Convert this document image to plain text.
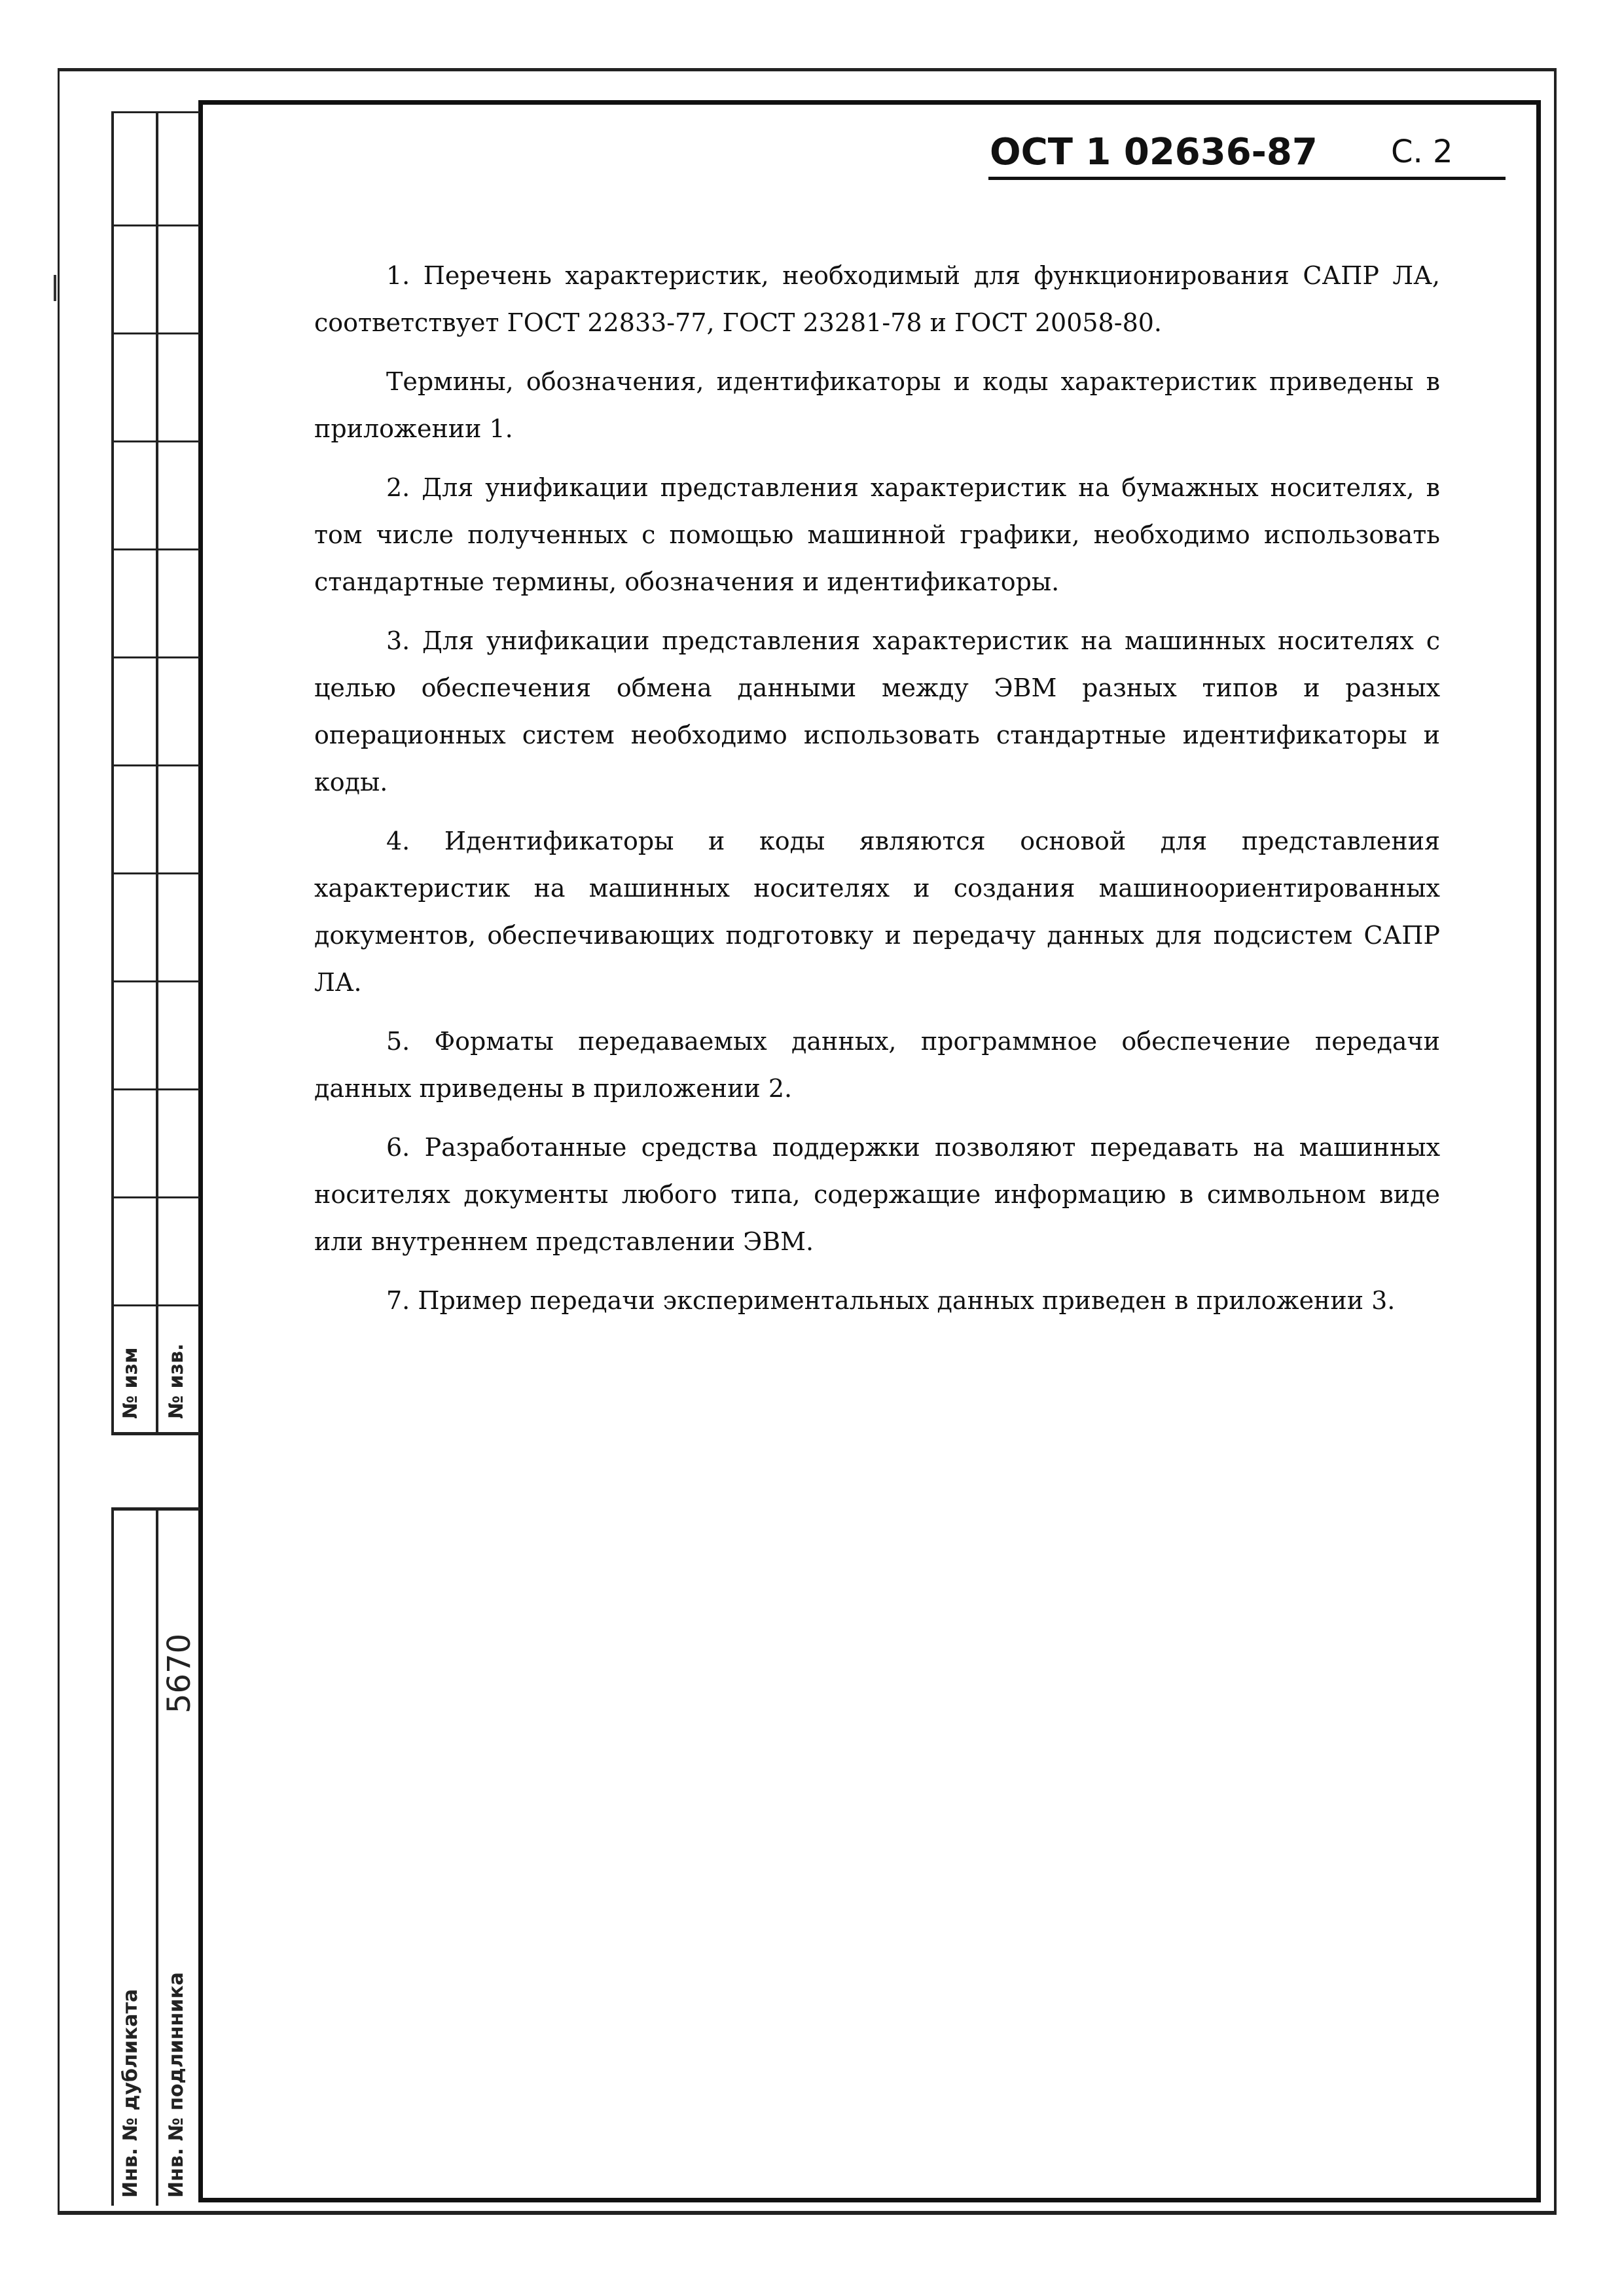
№ изм № изв.
5670
Инв. № дубликата Инв. № подлинника
ОСТ 1 02636-87 С. 2

1. Перечень характеристик, необходимый для функционирования САПР ЛА, соответствует ГОСТ 22833-77, ГОСТ 23281-78 и ГОСТ 20058-80.

Термины, обозначения, идентификаторы и коды характеристик приведены в приложении 1.

2. Для унификации представления характеристик на бумажных носителях, в том числе полученных с помощью машинной графики, необходимо использовать стандартные термины, обозначения и идентификаторы.

3. Для унификации представления характеристик на машинных носителях с целью обеспечения обмена данными между ЭВМ разных типов и разных операционных систем необходимо использовать стандартные идентификаторы и коды.

4. Идентификаторы и коды являются основой для представления характеристик на машинных носителях и создания машиноориентированных документов, обеспечивающих подготовку и передачу данных для подсистем САПР ЛА.

5. Форматы передаваемых данных, программное обеспечение передачи данных приведены в приложении 2.

6. Разработанные средства поддержки позволяют передавать на машинных носителях документы любого типа, содержащие информацию в символьном виде или внутреннем представлении ЭВМ.

7. Пример передачи экспериментальных данных приведен в приложении 3.
